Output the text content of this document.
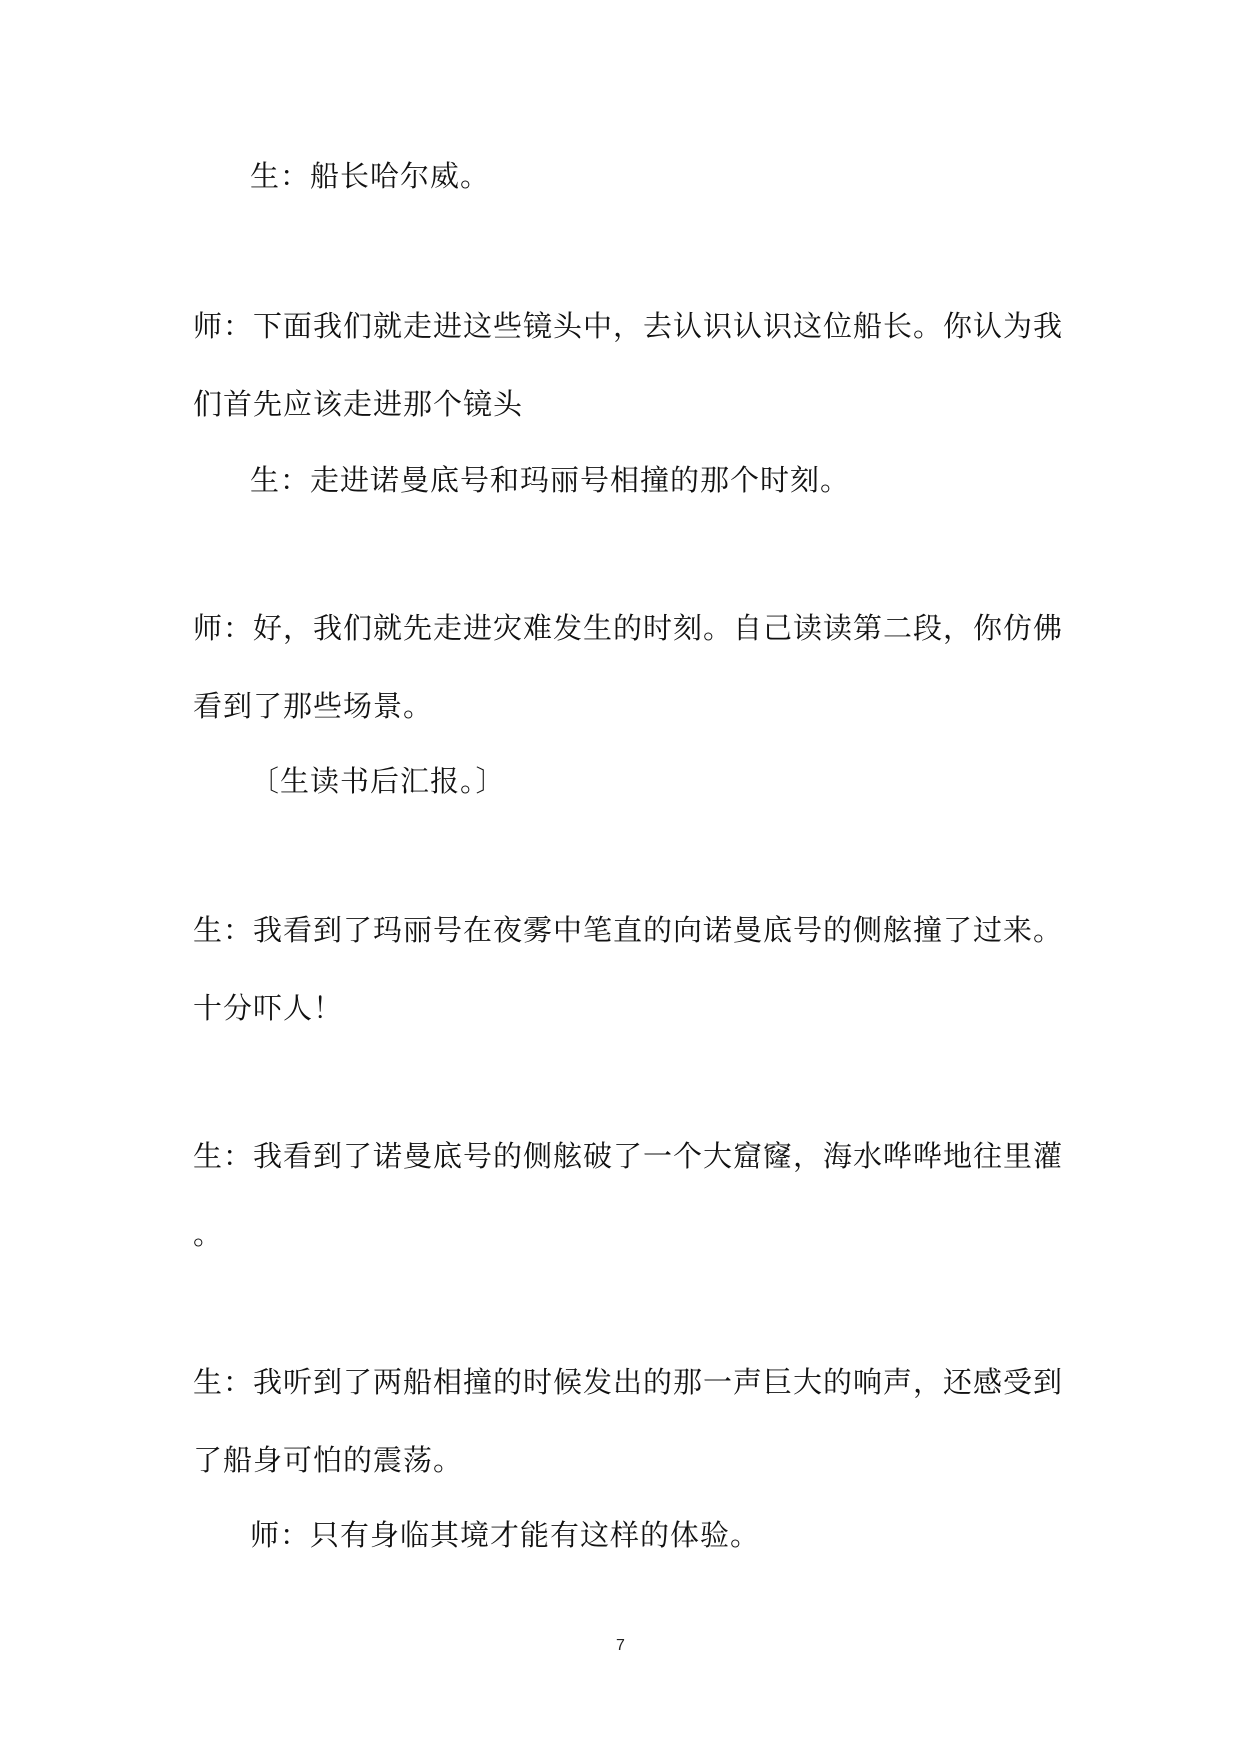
生：船长哈尔威。
师：下面我们就走进这些镜头中，去认识认识这位船长。你认为我
们首先应该走进那个镜头
生：走进诺曼底号和玛丽号相撞的那个时刻。
师：好，我们就先走进灾难发生的时刻。自己读读第二段，你仿佛
看到了那些场景。
〔生读书后汇报。〕
生：我看到了玛丽号在夜雾中笔直的向诺曼底号的侧舷撞了过来。
十分吓人！
生：我看到了诺曼底号的侧舷破了一个大窟窿，海水哗哗地往里灌
。
生：我听到了两船相撞的时候发出的那一声巨大的响声，还感受到
了船身可怕的震荡。
师：只有身临其境才能有这样的体验。
7
